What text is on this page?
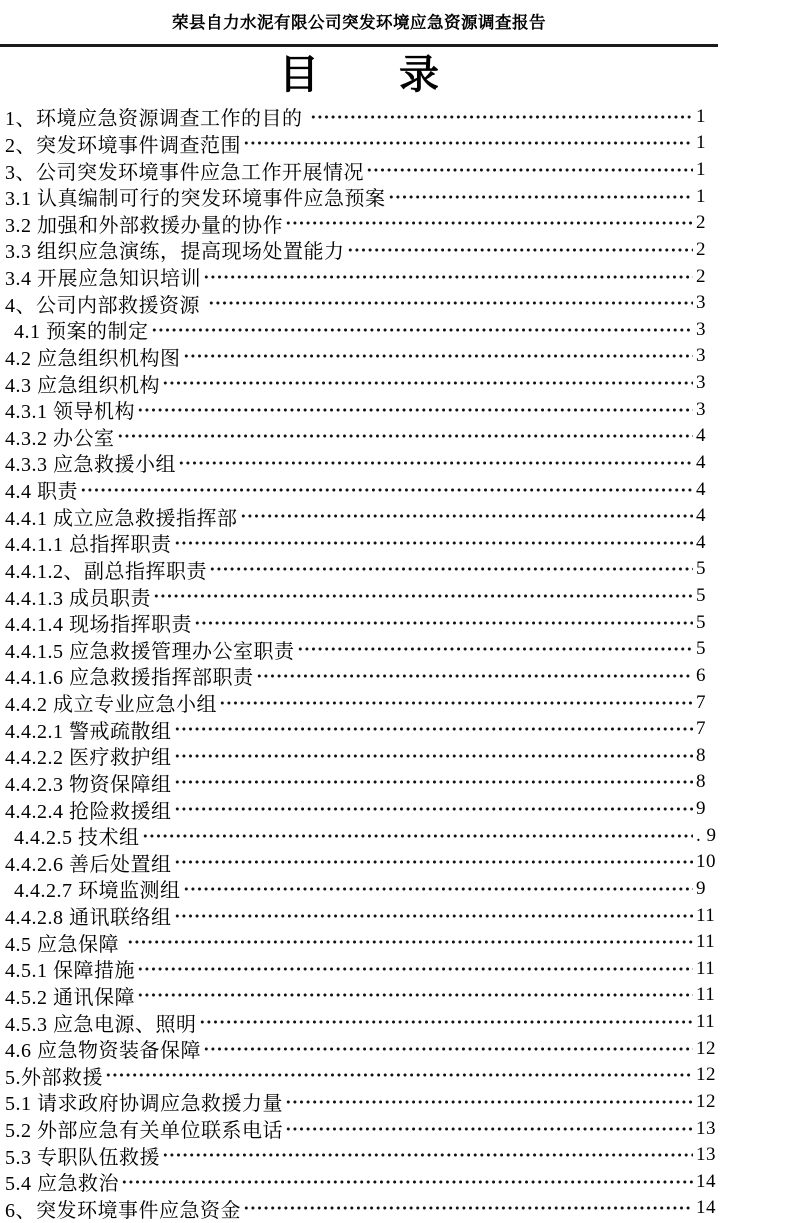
荣县自力水泥有限公司突发环境应急资源调查报告
目　　录
1、环境应急资源调查工作的目的	1
2、突发环境事件调查范围	1
3、公司突发环境事件应急工作开展情况	1
3.1 认真编制可行的突发环境事件应急预案	1
3.2 加强和外部救援办量的协作	2
3.3 组织应急演练，提高现场处置能力	2
3.4 开展应急知识培训	2
4、公司内部救援资源	3
4.1 预案的制定	3
4.2 应急组织机构图	3
4.3 应急组织机构	3
4.3.1 领导机构	3
4.3.2 办公室	4
4.3.3 应急救援小组	4
4.4 职责	4
4.4.1 成立应急救援指挥部	4
4.4.1.1 总指挥职责	4
4.4.1.2、副总指挥职责	5
4.4.1.3 成员职责	5
4.4.1.4 现场指挥职责	5
4.4.1.5 应急救援管理办公室职责	5
4.4.1.6 应急救援指挥部职责	6
4.4.2 成立专业应急小组	7
4.4.2.1 警戒疏散组	7
4.4.2.2 医疗救护组	8
4.4.2.3 物资保障组	8
4.4.2.4 抢险救援组	9
4.4.2.5 技术组	. 9
4.4.2.6 善后处置组	10
4.4.2.7 环境监测组	9
4.4.2.8 通讯联络组	11
4.5 应急保障	11
4.5.1 保障措施	11
4.5.2 通讯保障	11
4.5.3 应急电源、照明	11
4.6 应急物资装备保障	12
5.外部救援	12
5.1 请求政府协调应急救援力量	12
5.2 外部应急有关单位联系电话	13
5.3 专职队伍救援	13
5.4 应急救治	14
6、突发环境事件应急资金	14
